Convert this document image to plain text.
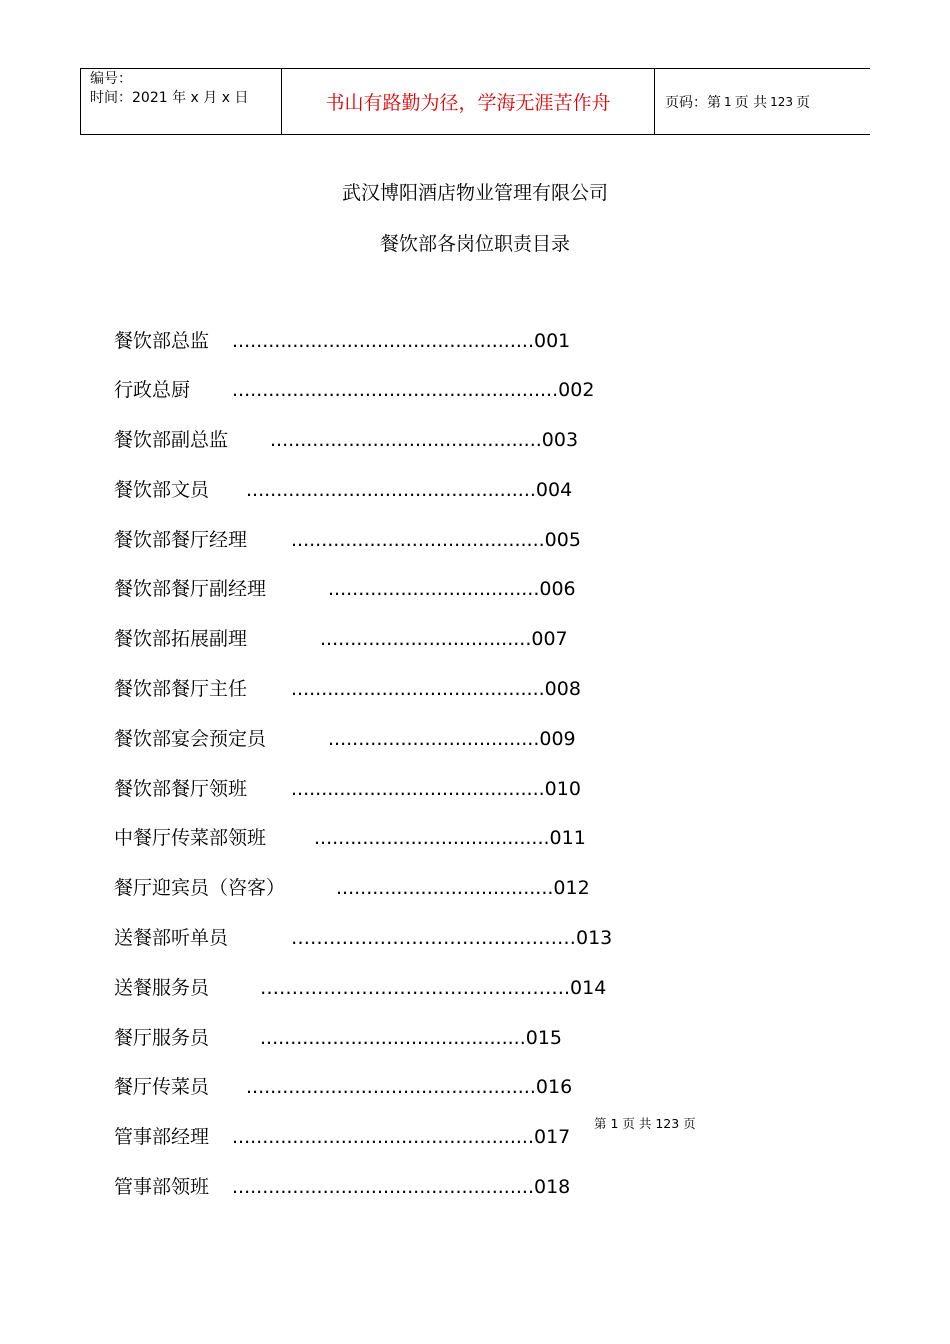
编号：
时间：2021 年 x 月 x 日	书山有路勤为径，学海无涯苦作舟	页码：第 1 页 共 123 页
武汉博阳酒店物业管理有限公司
餐饮部各岗位职责目录
餐饮部总监 ..................................................001
行政总厨 ......................................................002
餐饮部副总监 .............................................003
餐饮部文员 ................................................004
餐饮部餐厅经理 ..........................................005
餐饮部餐厅副经理	...................................006
餐饮部拓展副理	...................................007
餐饮部餐厅主任 ..........................................008
餐饮部宴会预定员	...................................009
餐饮部餐厅领班 ..........................................010
中餐厅传菜部领班	.......................................011
餐厅迎宾员（咨客）	....................................012
送餐部听单员	………………………………………013
送餐服务员	………………………………………….014
餐厅服务员	............................................015
餐厅传菜员 ................................................016
管事部经理 ..................................................017
管事部领班 ..................................................018
第 1 页 共 123 页
